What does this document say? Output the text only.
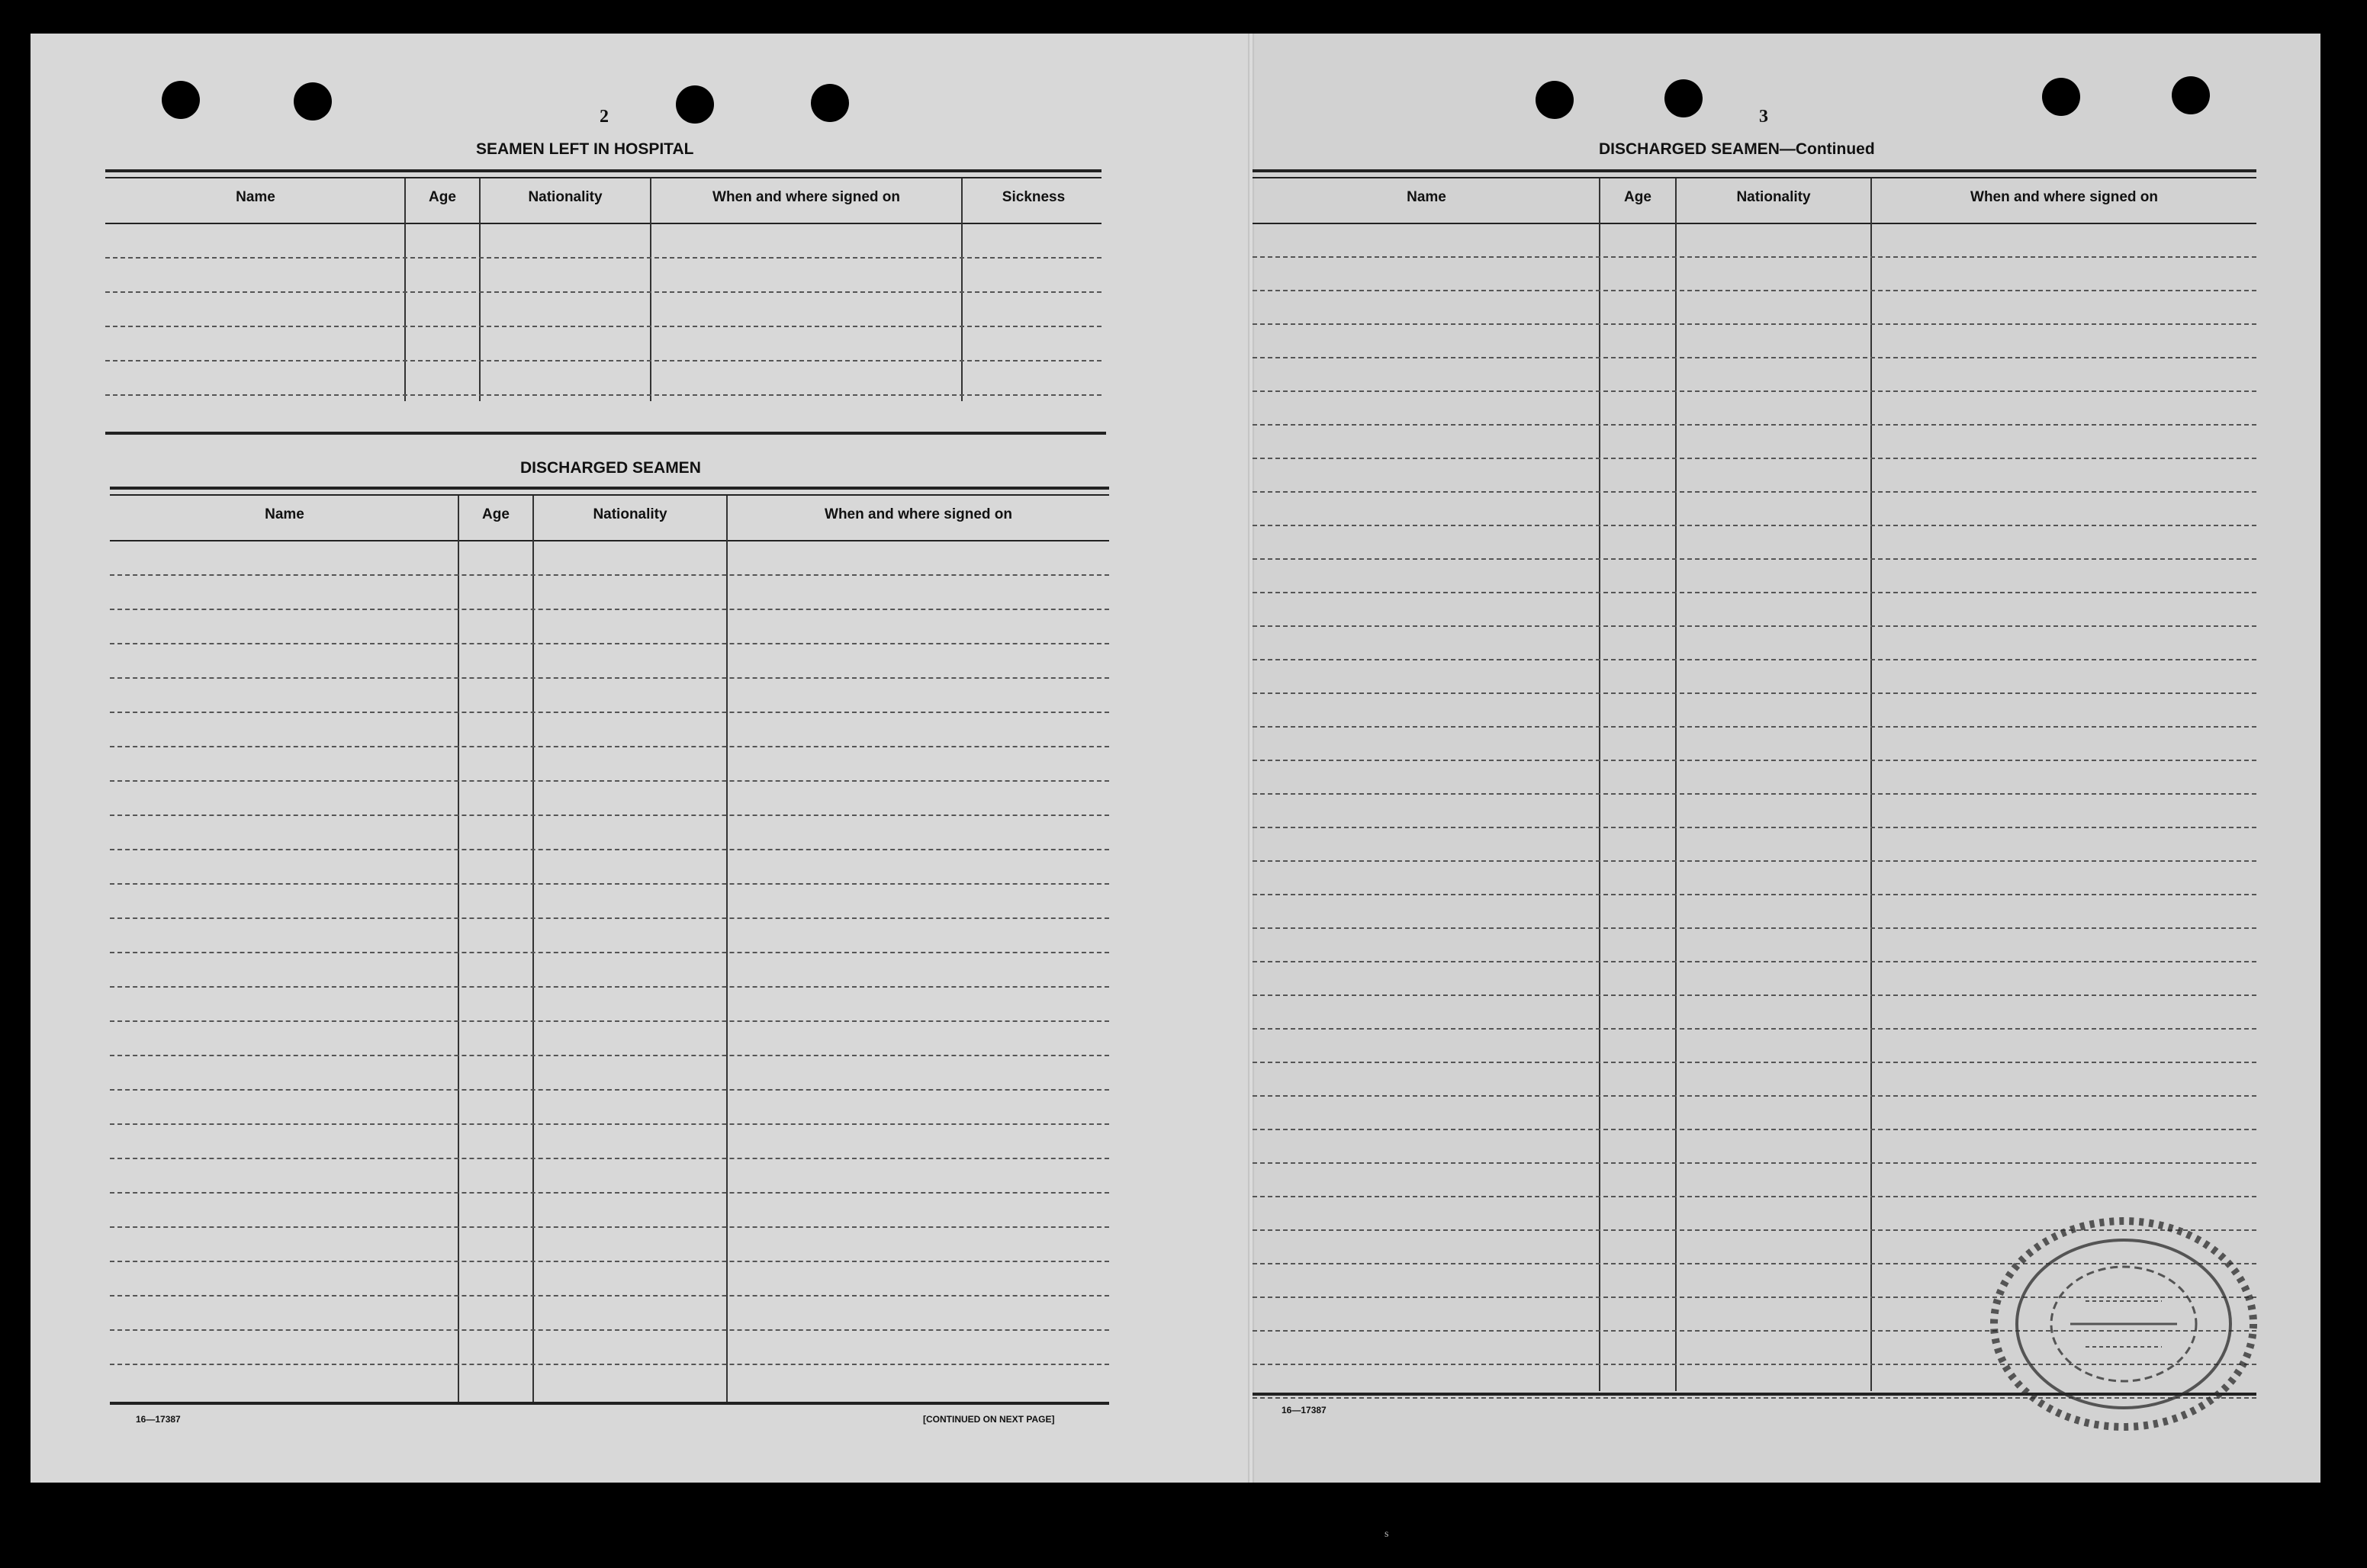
2
SEAMEN LEFT IN HOSPITAL
Name	Age	Nationality	When and where signed on	Sickness
DISCHARGED SEAMEN
Name	Age	Nationality	When and where signed on
16—17387	[CONTINUED ON NEXT PAGE]
3
DISCHARGED SEAMEN—Continued
Name	Age	Nationality	When and where signed on
16—17387
s
